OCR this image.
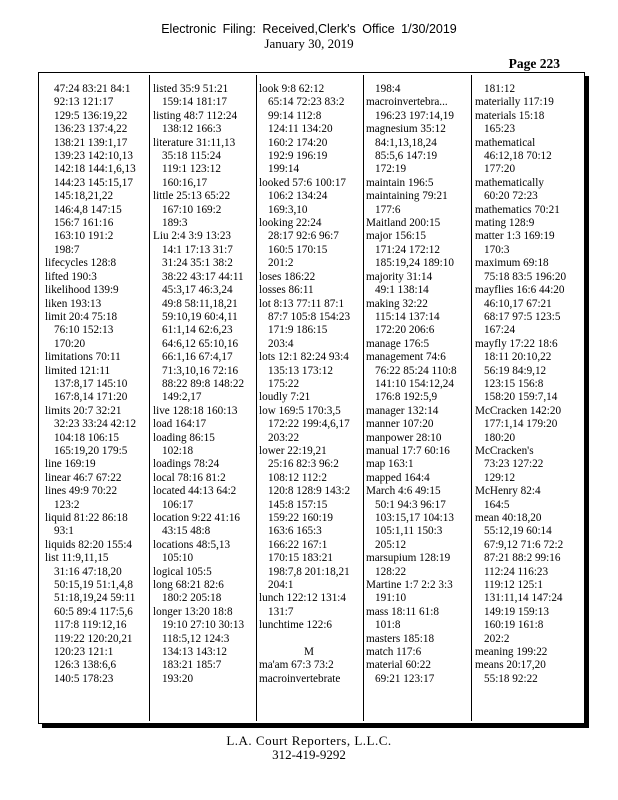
Electronic Filing: Received,Clerk's Office 1/30/2019
January 30, 2019
Page 223
47:24 83:21 84:1
92:13 121:17
129:5 136:19,22
136:23 137:4,22
138:21 139:1,17
139:23 142:10,13
142:18 144:1,6,13
144:23 145:15,17
145:18,21,22
146:4,8 147:15
156:7 161:16
163:10 191:2
198:7
lifecycles 128:8
lifted 190:3
likelihood 139:9
liken 193:13
limit 20:4 75:18
76:10 152:13
170:20
limitations 70:11
limited 121:11
137:8,17 145:10
167:8,14 171:20
limits 20:7 32:21
32:23 33:24 42:12
104:18 106:15
165:19,20 179:5
line 169:19
linear 46:7 67:22
lines 49:9 70:22
123:2
liquid 81:22 86:18
93:1
liquids 82:20 155:4
list 11:9,11,15
31:16 47:18,20
50:15,19 51:1,4,8
51:18,19,24 59:11
60:5 89:4 117:5,6
117:8 119:12,16
119:22 120:20,21
120:23 121:1
126:3 138:6,6
140:5 178:23
listed 35:9 51:21
159:14 181:17
listing 48:7 112:24
138:12 166:3
literature 31:11,13
35:18 115:24
119:1 123:12
160:16,17
little 25:13 65:22
167:10 169:2
189:3
Liu 2:4 3:9 13:23
14:1 17:13 31:7
31:24 35:1 38:2
38:22 43:17 44:11
45:3,17 46:3,24
49:8 58:11,18,21
59:10,19 60:4,11
61:1,14 62:6,23
64:6,12 65:10,16
66:1,16 67:4,17
71:3,10,16 72:16
88:22 89:8 148:22
149:2,17
live 128:18 160:13
load 164:17
loading 86:15
102:18
loadings 78:24
local 78:16 81:2
located 44:13 64:2
106:17
location 9:22 41:16
43:15 48:8
locations 48:5,13
105:10
logical 105:5
long 68:21 82:6
180:2 205:18
longer 13:20 18:8
19:10 27:10 30:13
118:5,12 124:3
134:13 143:12
183:21 185:7
193:20
look 9:8 62:12
65:14 72:23 83:2
99:14 112:8
124:11 134:20
160:2 174:20
192:9 196:19
199:14
looked 57:6 100:17
106:2 134:24
169:3,10
looking 22:24
28:17 92:6 96:7
160:5 170:15
201:2
loses 186:22
losses 86:11
lot 8:13 77:11 87:1
87:7 105:8 154:23
171:9 186:15
203:4
lots 12:1 82:24 93:4
135:13 173:12
175:22
loudly 7:21
low 169:5 170:3,5
172:22 199:4,6,17
203:22
lower 22:19,21
25:16 82:3 96:2
108:12 112:2
120:8 128:9 143:2
145:8 157:15
159:22 160:19
163:6 165:3
166:22 167:1
170:15 183:21
198:7,8 201:18,21
204:1
lunch 122:12 131:4
131:7
lunchtime 122:6

M
ma'am 67:3 73:2
macroinvertebrate
198:4
macroinvertebra...
196:23 197:14,19
magnesium 35:12
84:1,13,18,24
85:5,6 147:19
172:19
maintain 196:5
maintaining 79:21
177:6
Maitland 200:15
major 156:15
171:24 172:12
185:19,24 189:10
majority 31:14
49:1 138:14
making 32:22
115:14 137:14
172:20 206:6
manage 176:5
management 74:6
76:22 85:24 110:8
141:10 154:12,24
176:8 192:5,9
manager 132:14
manner 107:20
manpower 28:10
manual 17:7 60:16
map 163:1
mapped 164:4
March 4:6 49:15
50:1 94:3 96:17
103:15,17 104:13
105:1,11 150:3
205:12
marsupium 128:19
128:22
Martine 1:7 2:2 3:3
191:10
mass 18:11 61:8
101:8
masters 185:18
match 117:6
material 60:22
69:21 123:17
181:12
materially 117:19
materials 15:18
165:23
mathematical
46:12,18 70:12
177:20
mathematically
60:20 72:23
mathematics 70:21
mating 128:9
matter 1:3 169:19
170:3
maximum 69:18
75:18 83:5 196:20
mayflies 16:6 44:20
46:10,17 67:21
68:17 97:5 123:5
167:24
mayfly 17:22 18:6
18:11 20:10,22
56:19 84:9,12
123:15 156:8
158:20 159:7,14
McCracken 142:20
177:1,14 179:20
180:20
McCracken's
73:23 127:22
129:12
McHenry 82:4
164:5
mean 40:18,20
55:12,19 60:14
67:9,12 71:6 72:2
87:21 88:2 99:16
112:24 116:23
119:12 125:1
131:11,14 147:24
149:19 159:13
160:19 161:8
202:2
meaning 199:22
means 20:17,20
55:18 92:22
L.A. Court Reporters, L.L.C.
312-419-9292
